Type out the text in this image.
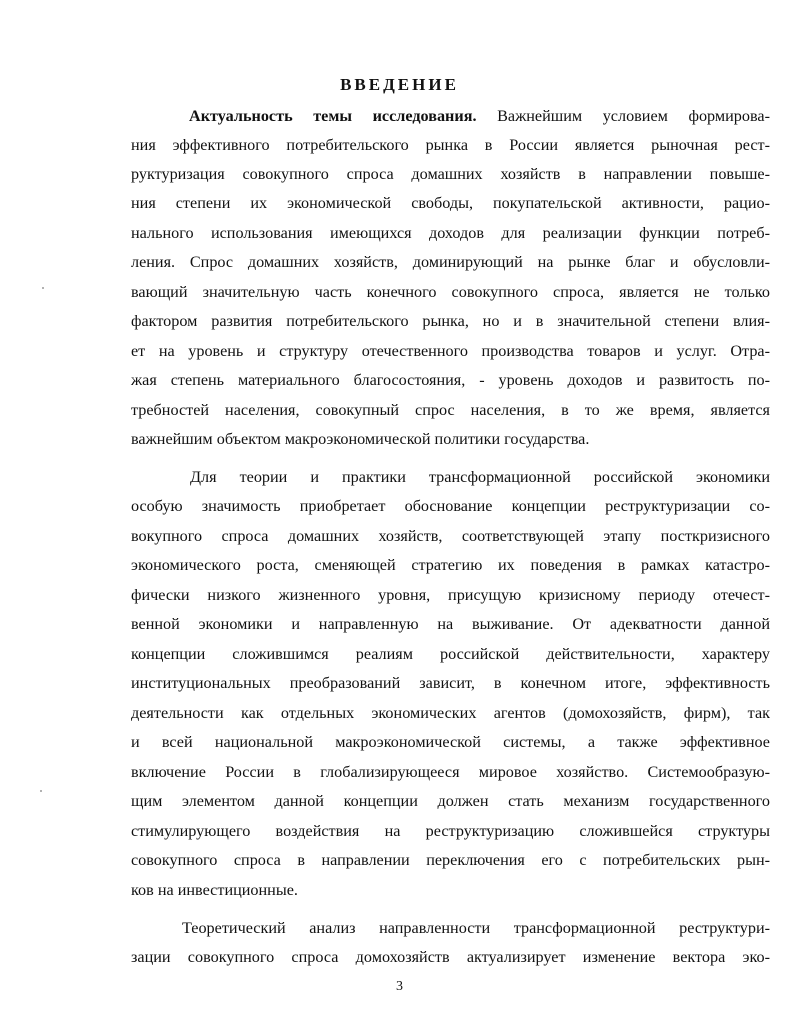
ВВЕДЕНИЕ
Актуальность темы исследования. Важнейшим условием формирова-
ния эффективного потребительского рынка в России является рыночная рест-
руктуризация совокупного спроса домашних хозяйств в направлении повыше-
ния степени их экономической свободы, покупательской активности, рацио-
нального использования имеющихся доходов для реализации функции потреб-
ления. Спрос домашних хозяйств, доминирующий на рынке благ и обусловли-
вающий значительную часть конечного совокупного спроса, является не только
фактором развития потребительского рынка, но и в значительной степени влия-
ет на уровень и структуру отечественного производства товаров и услуг. Отра-
жая степень материального благосостояния, - уровень доходов и развитость по-
требностей населения, совокупный спрос населения, в то же время, является
важнейшим объектом макроэкономической политики государства.
Для теории и практики трансформационной российской экономики
особую значимость приобретает обоснование концепции реструктуризации со-
вокупного спроса домашних хозяйств, соответствующей этапу посткризисного
экономического роста, сменяющей стратегию их поведения в рамках катастро-
фически низкого жизненного уровня, присущую кризисному периоду отечест-
венной экономики и направленную на выживание. От адекватности данной
концепции сложившимся реалиям российской действительности, характеру
институциональных преобразований зависит, в конечном итоге, эффективность
деятельности как отдельных экономических агентов (домохозяйств, фирм), так
и всей национальной макроэкономической системы, а также эффективное
включение России в глобализирующееся мировое хозяйство. Системообразую-
щим элементом данной концепции должен стать механизм государственного
стимулирующего воздействия на реструктуризацию сложившейся структуры
совокупного спроса в направлении переключения его с потребительских рын-
ков на инвестиционные.
Теоретический анализ направленности трансформационной реструктури-
зации совокупного спроса домохозяйств актуализирует изменение вектора эко-
3
